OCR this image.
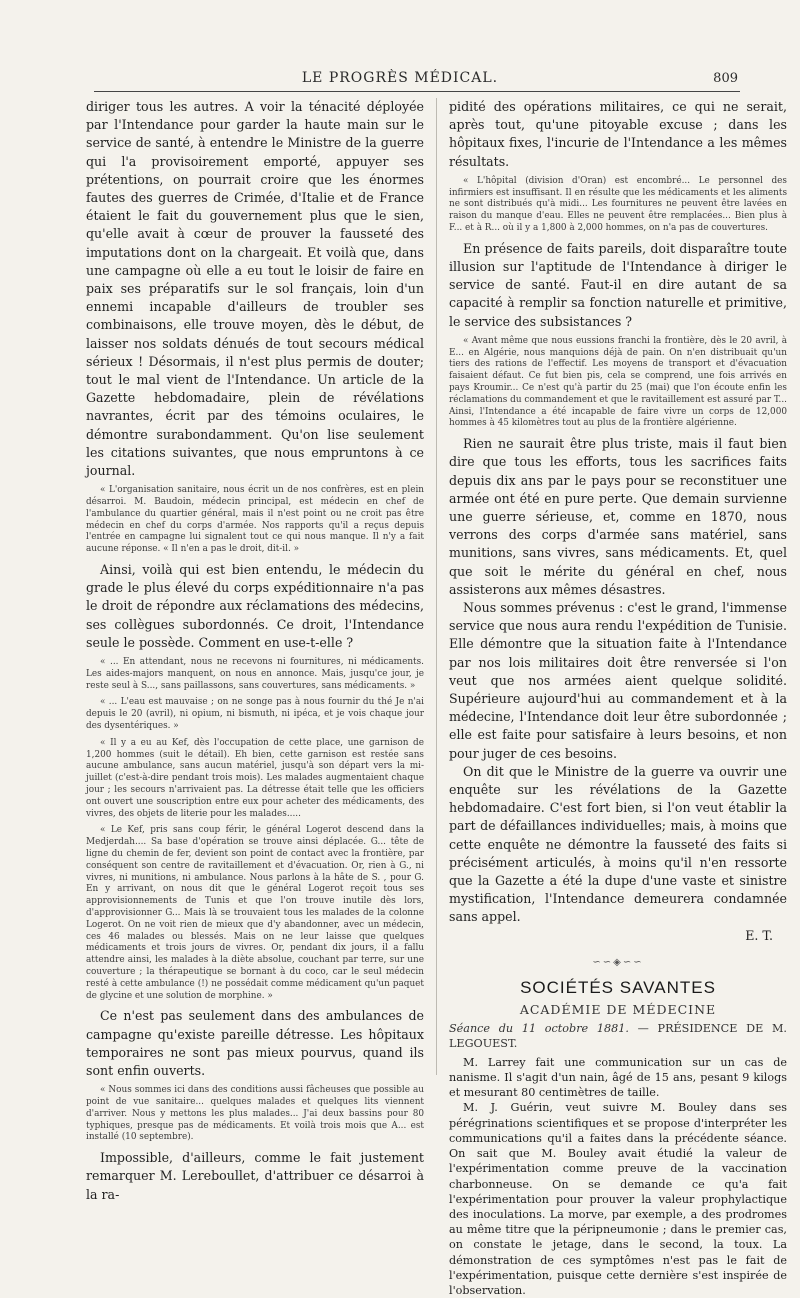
LE PROGRÈS MÉDICAL.	809

diriger tous les autres. A voir la ténacité déployée par l'Intendance pour garder la haute main sur le service de santé, à entendre le Ministre de la guerre qui l'a provisoirement emporté, appuyer ses prétentions, on pourrait croire que les énormes fautes des guerres de Crimée, d'Italie et de France étaient le fait du gouvernement plus que le sien, qu'elle avait à cœur de prouver la fausseté des imputations dont on la chargeait. Et voilà que, dans une campagne où elle a eu tout le loisir de faire en paix ses préparatifs sur le sol français, loin d'un ennemi incapable d'ailleurs de troubler ses combinaisons, elle trouve moyen, dès le début, de laisser nos soldats dénués de tout secours médical sérieux ! Désormais, il n'est plus permis de douter; tout le mal vient de l'Intendance. Un article de la Gazette hebdomadaire, plein de révélations navrantes, écrit par des témoins oculaires, le démontre surabondamment. Qu'on lise seulement les citations suivantes, que nous empruntons à ce journal.

« L'organisation sanitaire, nous écrit un de nos confrères, est en plein désarroi. M. Baudoin, médecin principal, est médecin en chef de l'ambulance du quartier général, mais il n'est point ou ne croit pas être médecin en chef du corps d'armée. Nos rapports qu'il a reçus depuis l'entrée en campagne lui signalent tout ce qui nous manque. Il n'y a fait aucune réponse. « Il n'en a pas le droit, dit-il. »

Ainsi, voilà qui est bien entendu, le médecin du grade le plus élevé du corps expéditionnaire n'a pas le droit de répondre aux réclamations des médecins, ses collègues subordonnés. Ce droit, l'Intendance seule le possède. Comment en use-t-elle ?

« ... En attendant, nous ne recevons ni fournitures, ni médicaments. Les aides-majors manquent, on nous en annonce. Mais, jusqu'ce jour, je reste seul à S..., sans paillassons, sans couvertures, sans médicaments. »

« ... L'eau est mauvaise ; on ne songe pas à nous fournir du thé Je n'ai depuis le 20 (avril), ni opium, ni bismuth, ni ipéca, et je vois chaque jour des dysentériques. »

« Il y a eu au Kef, dès l'occupation de cette place, une garnison de 1,200 hommes (suit le détail). Eh bien, cette garnison est restée sans aucune ambulance, sans aucun matériel, jusqu'à son départ vers la mi-juillet (c'est-à-dire pendant trois mois). Les malades augmentaient chaque jour ; les secours n'arrivaient pas. La détresse était telle que les officiers ont ouvert une souscription entre eux pour acheter des médicaments, des vivres, des objets de literie pour les malades.....

« Le Kef, pris sans coup férir, le général Logerot descend dans la Medjerdah.... Sa base d'opération se trouve ainsi déplacée. G... tête de ligne du chemin de fer, devient son point de contact avec la frontière, par conséquent son centre de ravitaillement et d'évacuation. Or, rien à G., ni vivres, ni munitions, ni ambulance. Nous parlons à la hâte de S. , pour G. En y arrivant, on nous dit que le général Logerot reçoit tous ses approvisionnements de Tunis et que l'on trouve inutile dès lors, d'approvisionner G... Mais là se trouvaient tous les malades de la colonne Logerot. On ne voit rien de mieux que d'y abandonner, avec un médecin, ces 46 malades ou blessés. Mais on ne leur laisse que quelques médicaments et trois jours de vivres. Or, pendant dix jours, il a fallu attendre ainsi, les malades à la diète absolue, couchant par terre, sur une couverture ; la thérapeutique se bornant à du coco, car le seul médecin resté à cette ambulance (!) ne possédait comme médicament qu'un paquet de glycine et une solution de morphine. »

Ce n'est pas seulement dans des ambulances de campagne qu'existe pareille détresse. Les hôpitaux temporaires ne sont pas mieux pourvus, quand ils sont enfin ouverts.

« Nous sommes ici dans des conditions aussi fâcheuses que possible au point de vue sanitaire... quelques malades et quelques lits viennent d'arriver. Nous y mettons les plus malades... J'ai deux bassins pour 80 typhiques, presque pas de médicaments. Et voilà trois mois que A... est installé (10 septembre).

Impossible, d'ailleurs, comme le fait justement remarquer M. Lereboullet, d'attribuer ce désarroi à la ra-

pidité des opérations militaires, ce qui ne serait, après tout, qu'une pitoyable excuse ; dans les hôpitaux fixes, l'incurie de l'Intendance a les mêmes résultats.

« L'hôpital (division d'Oran) est encombré... Le personnel des infirmiers est insuffisant. Il en résulte que les médicaments et les aliments ne sont distribués qu'à midi... Les fournitures ne peuvent être lavées en raison du manque d'eau. Elles ne peuvent être remplacées... Bien plus à F... et à R... où il y a 1,800 à 2,000 hommes, on n'a pas de couvertures.

En présence de faits pareils, doit disparaître toute illusion sur l'aptitude de l'Intendance à diriger le service de santé. Faut-il en dire autant de sa capacité à remplir sa fonction naturelle et primitive, le service des subsistances ?

« Avant même que nous eussions franchi la frontière, dès le 20 avril, à E... en Algérie, nous manquions déjà de pain. On n'en distribuait qu'un tiers des rations de l'effectif. Les moyens de transport et d'évacuation faisaient défaut. Ce fut bien pis, cela se comprend, une fois arrivés en pays Kroumir... Ce n'est qu'à partir du 25 (mai) que l'on écoute enfin les réclamations du commandement et que le ravitaillement est assuré par T... Ainsi, l'Intendance a été incapable de faire vivre un corps de 12,000 hommes à 45 kilomètres tout au plus de la frontière algérienne.

Rien ne saurait être plus triste, mais il faut bien dire que tous les efforts, tous les sacrifices faits depuis dix ans par le pays pour se reconstituer une armée ont été en pure perte. Que demain survienne une guerre sérieuse, et, comme en 1870, nous verrons des corps d'armée sans matériel, sans munitions, sans vivres, sans médicaments. Et, quel que soit le mérite du général en chef, nous assisterons aux mêmes désastres.

Nous sommes prévenus : c'est le grand, l'immense service que nous aura rendu l'expédition de Tunisie. Elle démontre que la situation faite à l'Intendance par nos lois militaires doit être renversée si l'on veut que nos armées aient quelque solidité. Supérieure aujourd'hui au commandement et à la médecine, l'Intendance doit leur être subordonnée ; elle est faite pour satisfaire à leurs besoins, et non pour juger de ces besoins.

On dit que le Ministre de la guerre va ouvrir une enquête sur les révélations de la Gazette hebdomadaire. C'est fort bien, si l'on veut établir la part de défaillances individuelles; mais, à moins que cette enquête ne démontre la fausseté des faits si précisément articulés, à moins qu'il n'en ressorte que la Gazette a été la dupe d'une vaste et sinistre mystification, l'Intendance demeurera condamnée sans appel.

E. T.

∽∽◈∽∽
SOCIÉTÉS SAVANTES
ACADÉMIE DE MÉDECINE

Séance du 11 octobre 1881. — PRÉSIDENCE DE M. LEGOUEST.

M. Larrey fait une communication sur un cas de nanisme. Il s'agit d'un nain, âgé de 15 ans, pesant 9 kilogs et mesurant 80 centimètres de taille.

M. J. Guérin, veut suivre M. Bouley dans ses pérégrinations scientifiques et se propose d'interpréter les communications qu'il a faites dans la précédente séance. On sait que M. Bouley avait étudié la valeur de l'expérimentation comme preuve de la vaccination charbonneuse. On se demande ce qu'a fait l'expérimentation pour prouver la valeur prophylactique des inoculations. La morve, par exemple, a des prodromes au même titre que la péripneumonie ; dans le premier cas, on constate le jetage, dans le second, la toux. La démonstration de ces symptômes n'est pas le fait de l'expérimentation, puisque cette dernière s'est inspirée de l'observation.
